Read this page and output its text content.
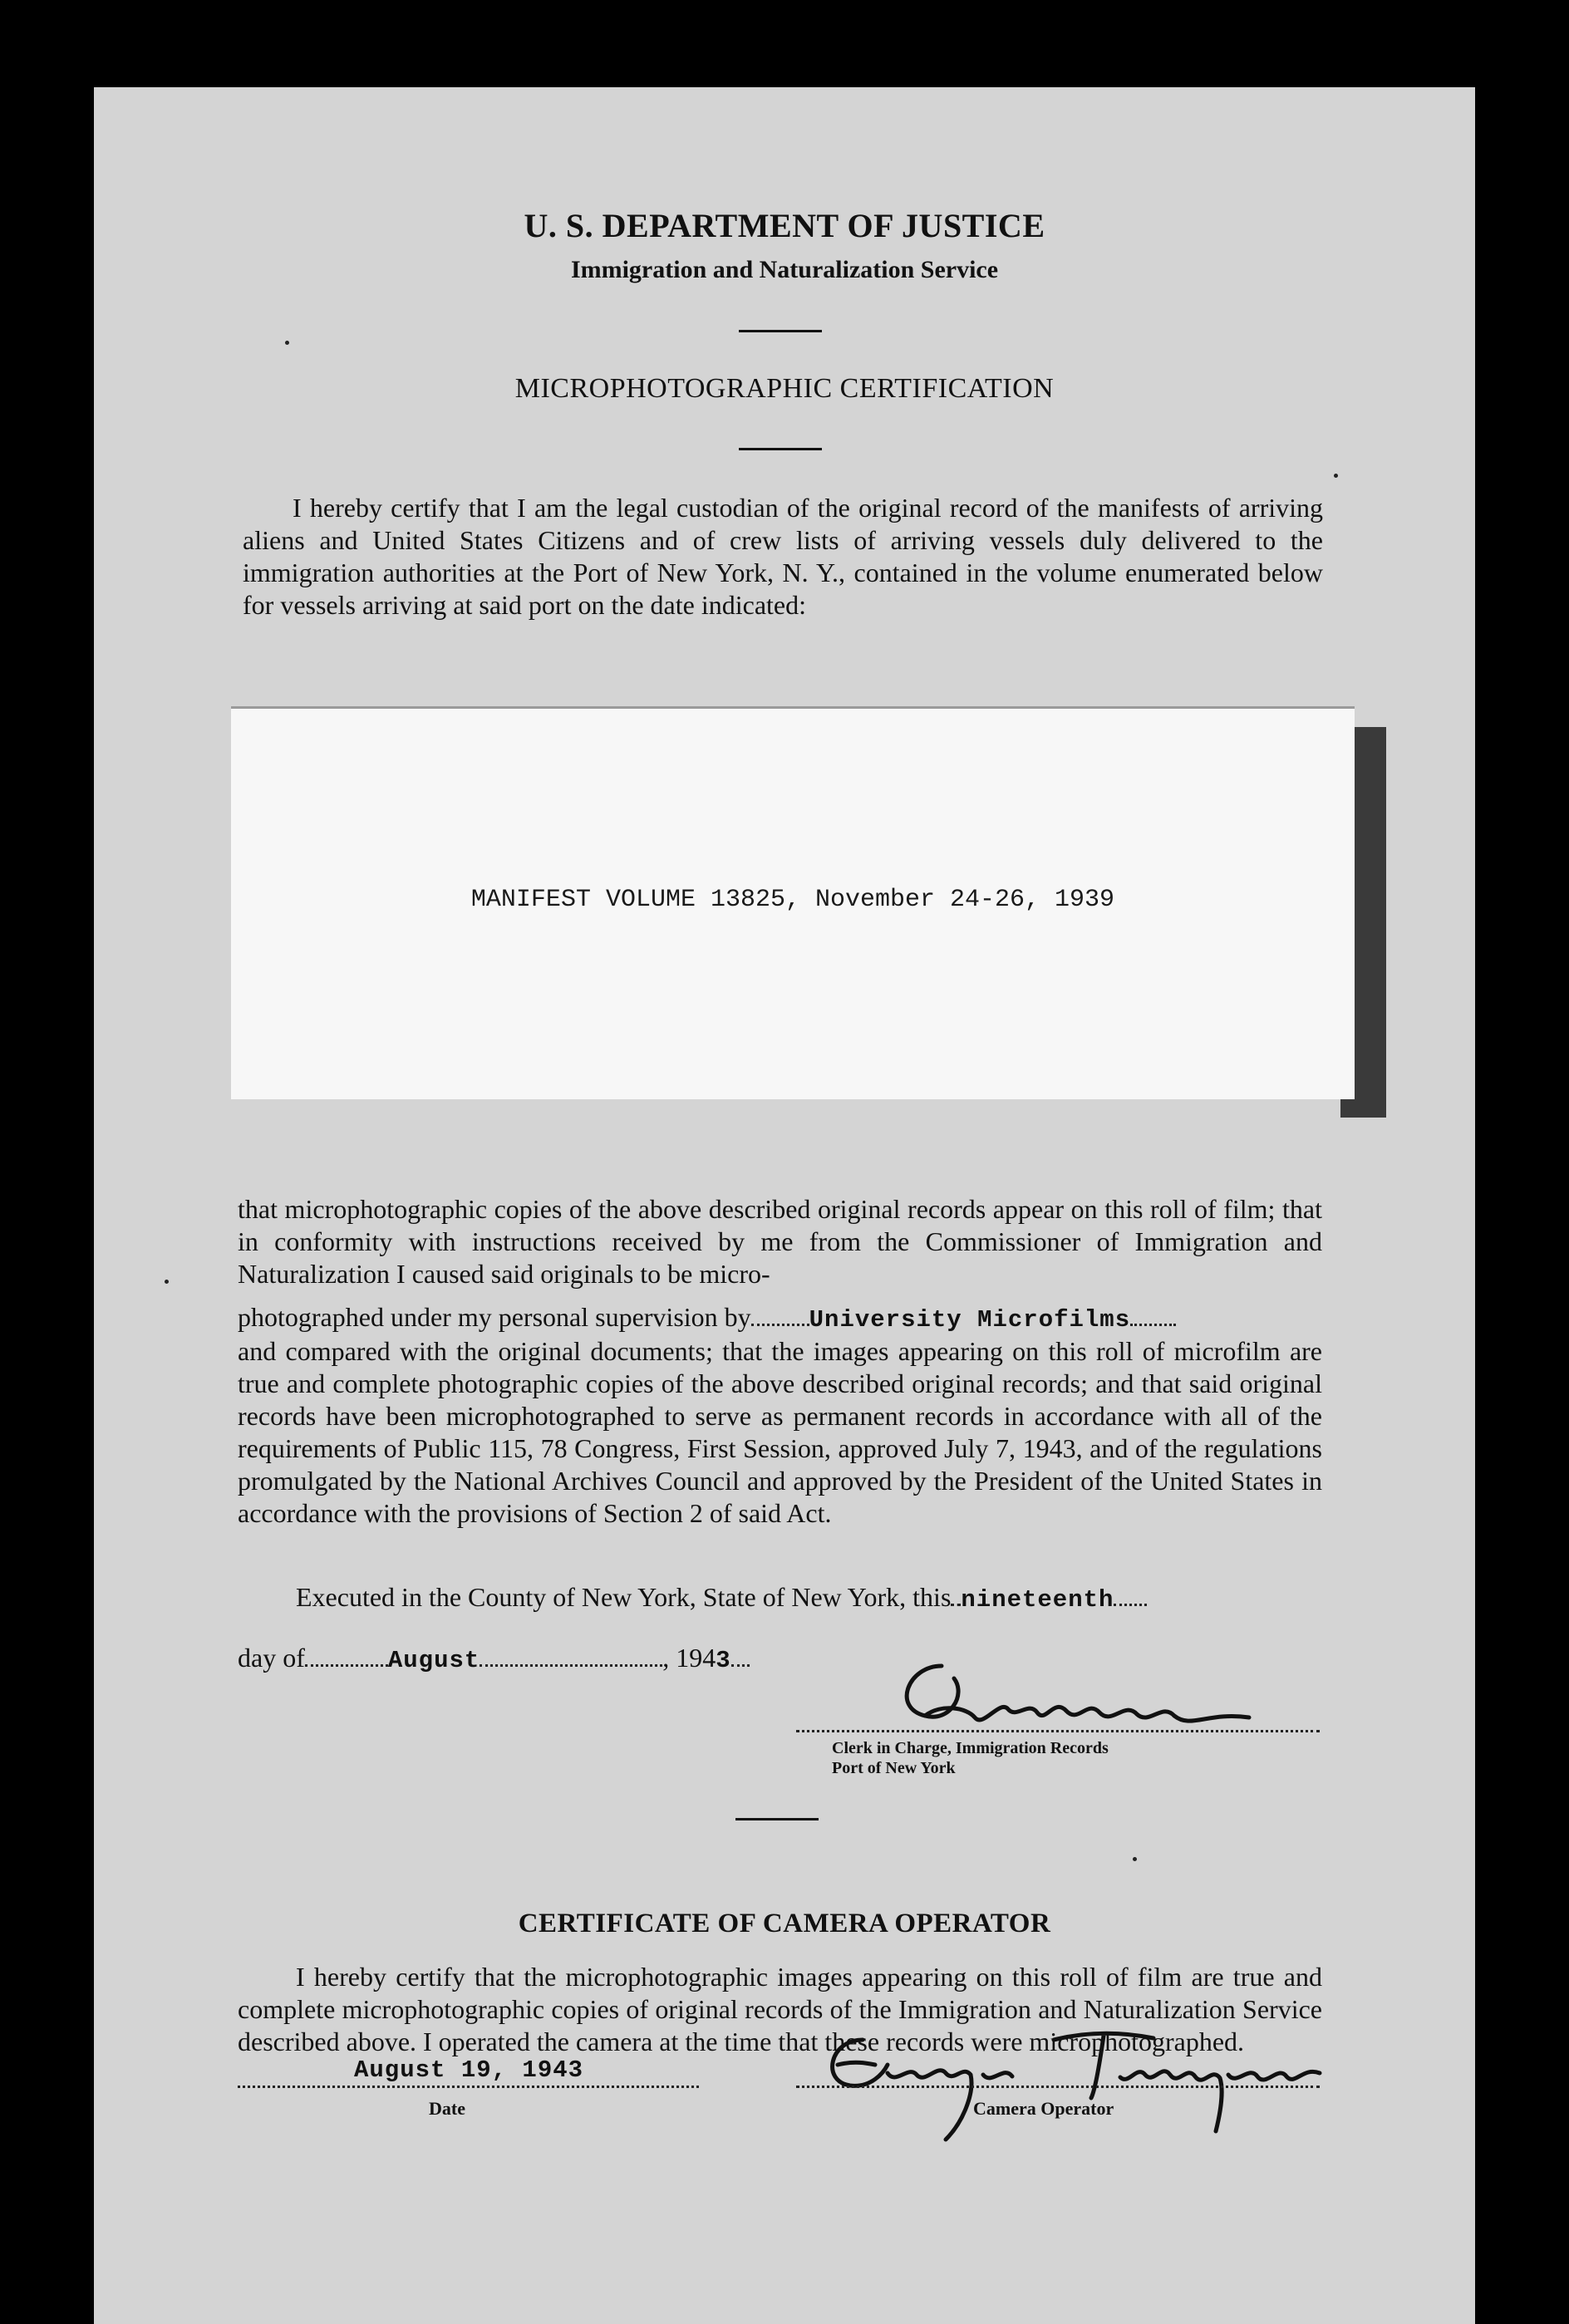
U. S. DEPARTMENT OF JUSTICE
Immigration and Naturalization Service
MICROPHOTOGRAPHIC CERTIFICATION
I hereby certify that I am the legal custodian of the original record of the manifests of arriving aliens and United States Citizens and of crew lists of arriving vessels duly delivered to the immigration authorities at the Port of New York, N. Y., contained in the volume enumerated below for vessels arriving at said port on the date indicated:
MANIFEST VOLUME 13825, November 24-26, 1939
that microphotographic copies of the above described original records appear on this roll of film; that in conformity with instructions received by me from the Commissioner of Immigration and Naturalization I caused said originals to be micro-
photographed under my personal supervision by University Microfilms
and compared with the original documents; that the images appearing on this roll of microfilm are true and complete photographic copies of the above described original records; and that said original records have been microphotographed to serve as permanent records in accordance with all of the requirements of Public 115, 78 Congress, First Session, approved July 7, 1943, and of the regulations promulgated by the National Archives Council and approved by the President of the United States in accordance with the provisions of Section 2 of said Act.
Executed in the County of New York, State of New York, this nineteenth
day of	August	, 1943
Clerk in Charge, Immigration Records
Port of New York
CERTIFICATE OF CAMERA OPERATOR
I hereby certify that the microphotographic images appearing on this roll of film are true and complete microphotographic copies of original records of the Immigration and Naturalization Service described above. I operated the camera at the time that these records were microphotographed.
August 19, 1943
Date	Camera Operator
